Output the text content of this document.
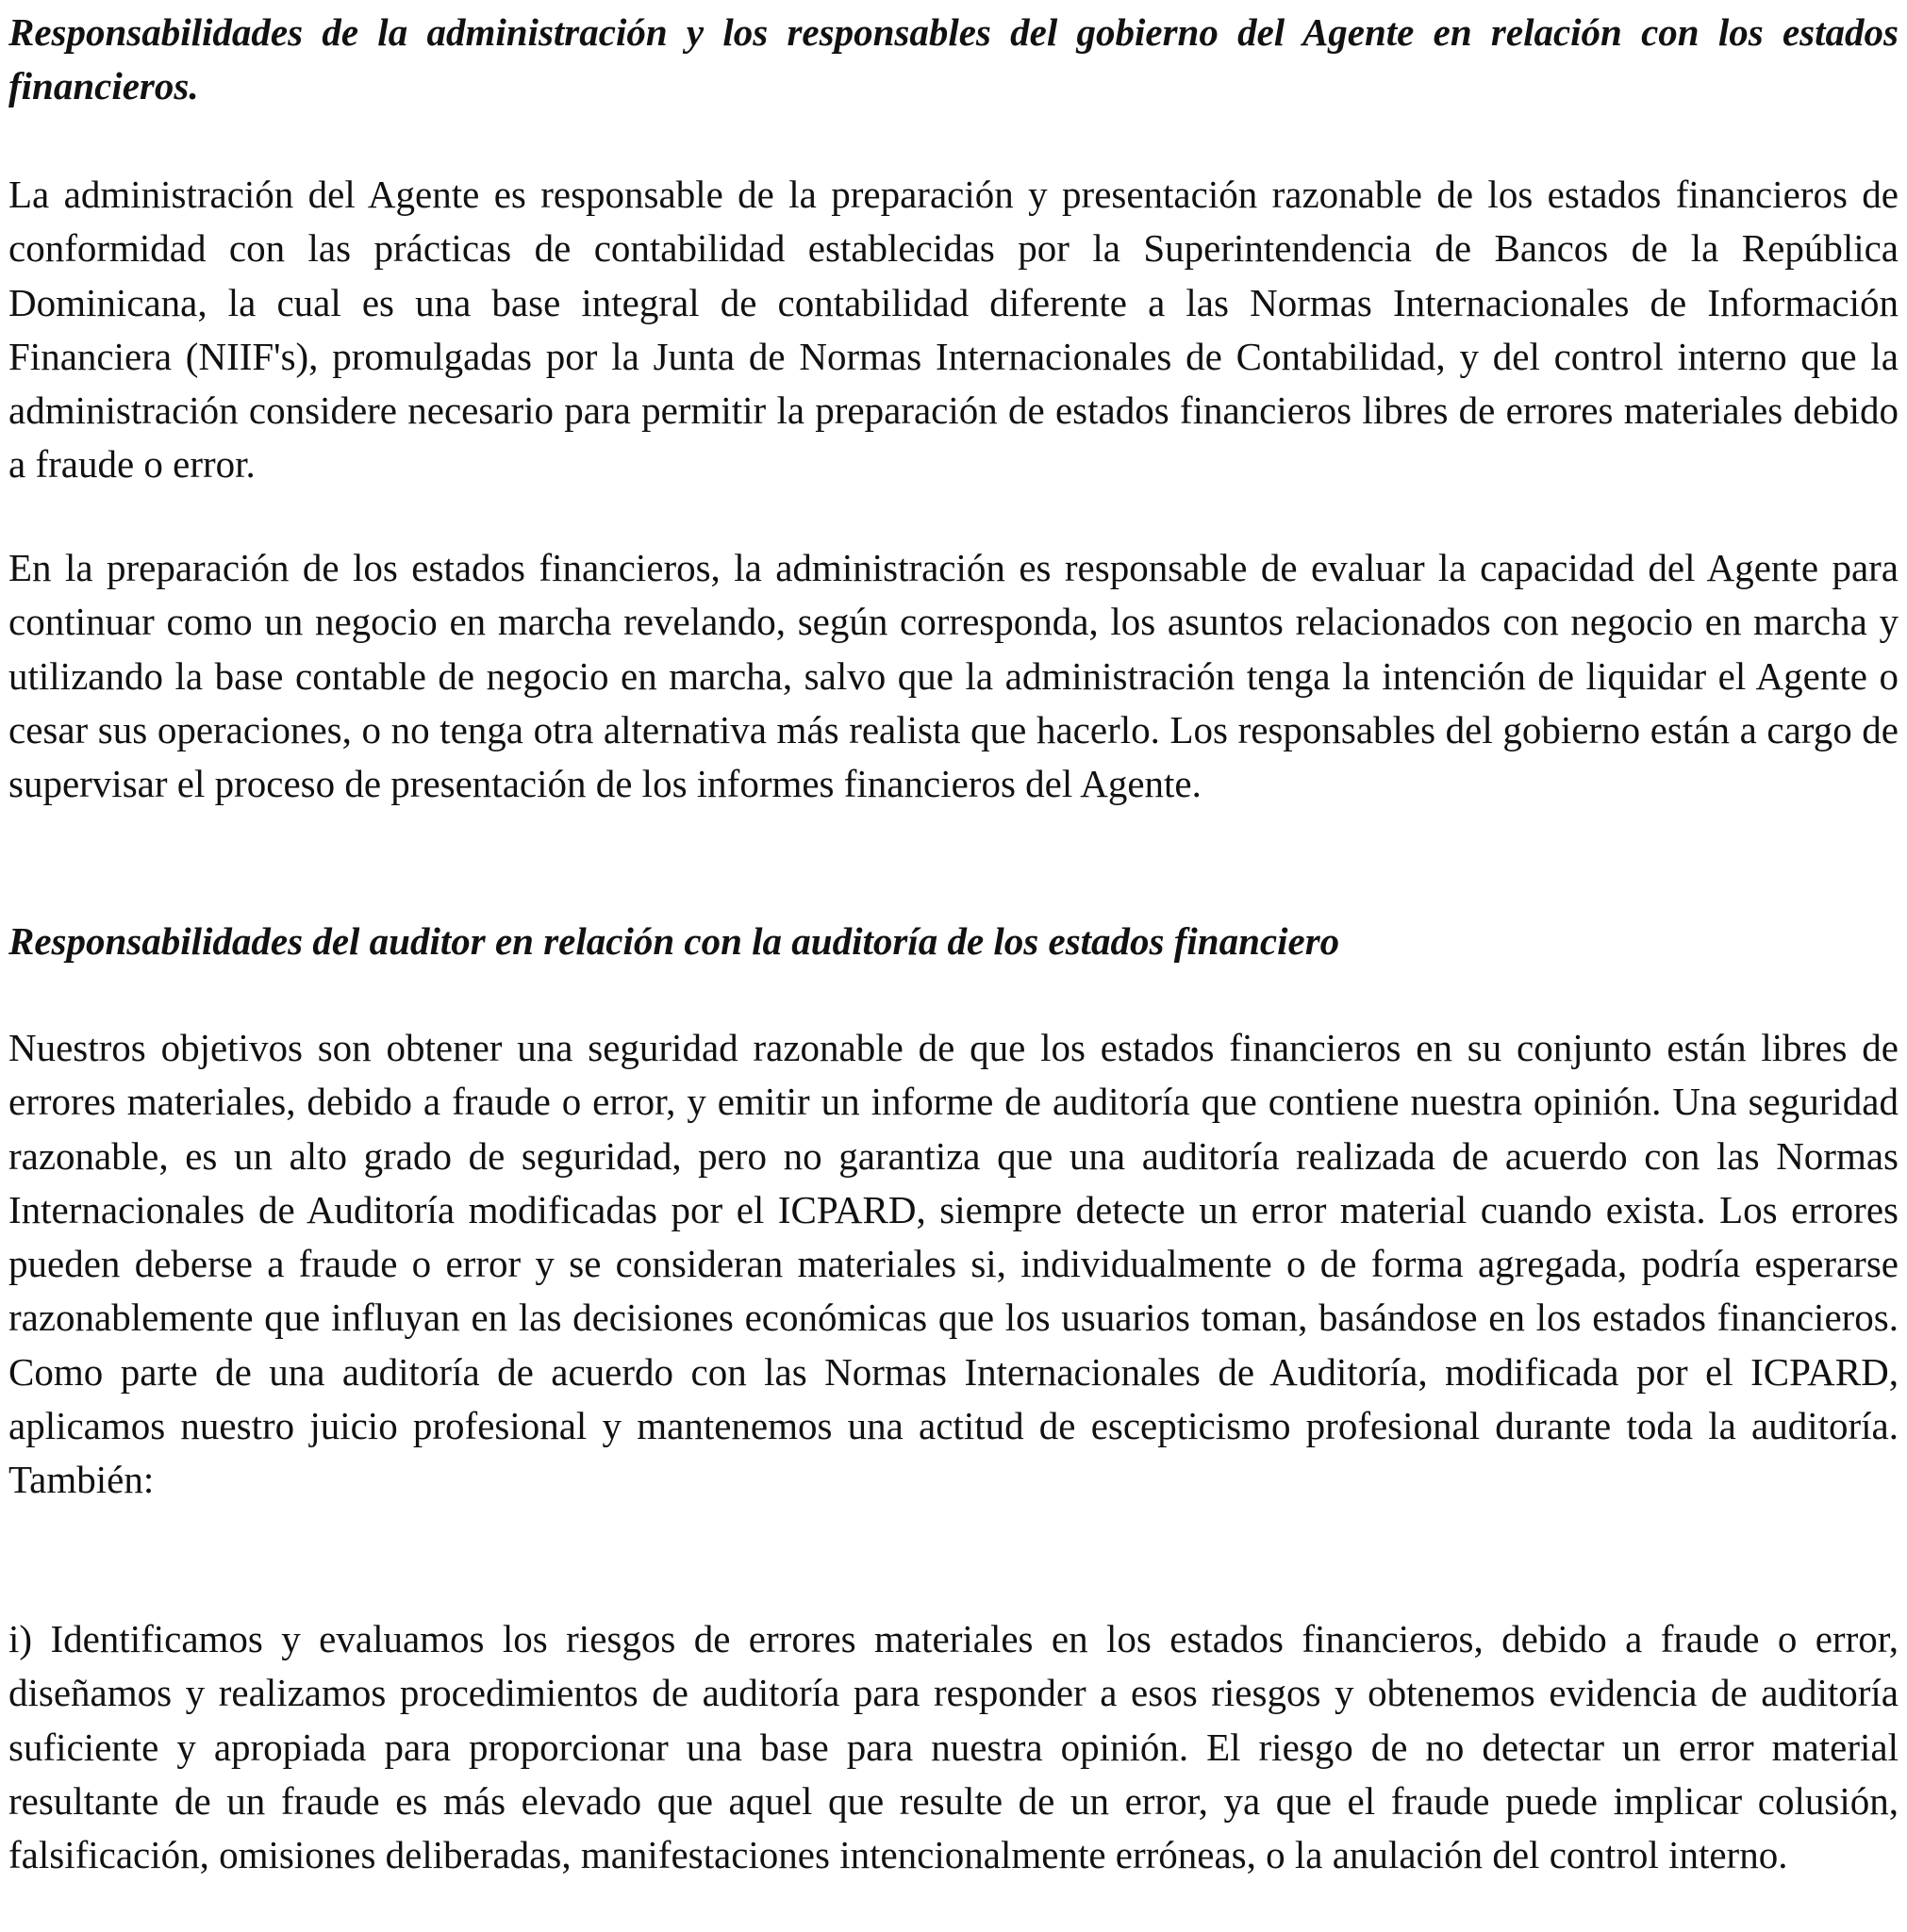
Responsabilidades de la administración y los responsables del gobierno del Agente en relación con los estados financieros.

La administración del Agente es responsable de la preparación y presentación razonable de los estados financieros de conformidad con las prácticas de contabilidad establecidas por la Superintendencia de Bancos de la República Dominicana, la cual es una base integral de contabilidad diferente a las Normas Internacionales de Información Financiera (NIIF's), promulgadas por la Junta de Normas Internacionales de Contabilidad, y del control interno que la administración considere necesario para permitir la preparación de estados financieros libres de errores materiales debido a fraude o error.

En la preparación de los estados financieros, la administración es responsable de evaluar la capacidad del Agente para continuar como un negocio en marcha revelando, según corresponda, los asuntos relacionados con negocio en marcha y utilizando la base contable de negocio en marcha, salvo que la administración tenga la intención de liquidar el Agente o cesar sus operaciones, o no tenga otra alternativa más realista que hacerlo. Los responsables del gobierno están a cargo de supervisar el proceso de presentación de los informes financieros del Agente.

Responsabilidades del auditor en relación con la auditoría de los estados financiero

Nuestros objetivos son obtener una seguridad razonable de que los estados financieros en su conjunto están libres de errores materiales, debido a fraude o error, y emitir un informe de auditoría que contiene nuestra opinión. Una seguridad razonable, es un alto grado de seguridad, pero no garantiza que una auditoría realizada de acuerdo con las Normas Internacionales de Auditoría modificadas por el ICPARD, siempre detecte un error material cuando exista. Los errores pueden deberse a fraude o error y se consideran materiales si, individualmente o de forma agregada, podría esperarse razonablemente que influyan en las decisiones económicas que los usuarios toman, basándose en los estados financieros. Como parte de una auditoría de acuerdo con las Normas Internacionales de Auditoría, modificada por el ICPARD, aplicamos nuestro juicio profesional y mantenemos una actitud de escepticismo profesional durante toda la auditoría. También:

i) Identificamos y evaluamos los riesgos de errores materiales en los estados financieros, debido a fraude o error, diseñamos y realizamos procedimientos de auditoría para responder a esos riesgos y obtenemos evidencia de auditoría suficiente y apropiada para proporcionar una base para nuestra opinión. El riesgo de no detectar un error material resultante de un fraude es más elevado que aquel que resulte de un error, ya que el fraude puede implicar colusión, falsificación, omisiones deliberadas, manifestaciones intencionalmente erróneas, o la anulación del control interno.
